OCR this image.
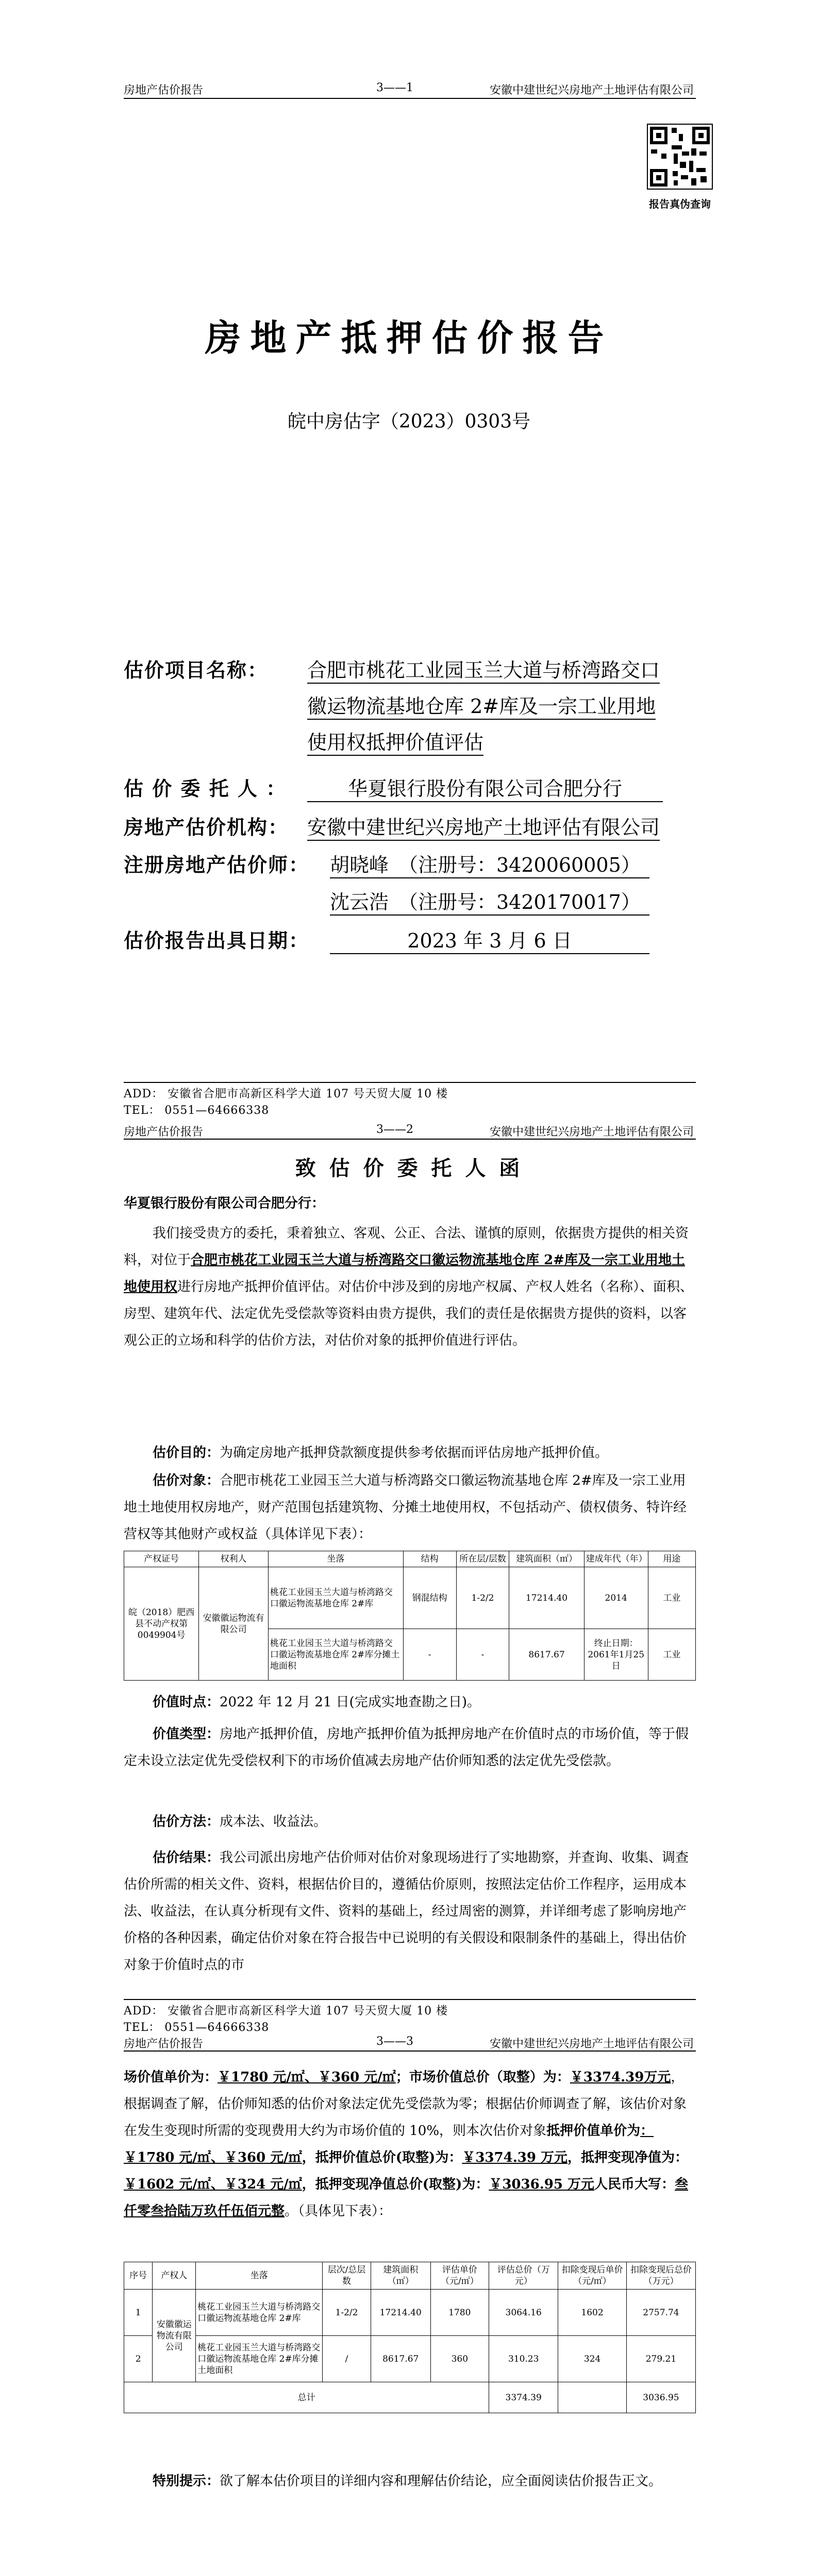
房地产估价报告	3——1	安徽中建世纪兴房地产土地评估有限公司
报告真伪查询
房地产抵押估价报告
皖中房估字（2023）0303号
估价项目名称： 合肥市桃花工业园玉兰大道与桥湾路交口
徽运物流基地仓库 2#库及一宗工业用地
使用权抵押价值评估
估 价 委 托 人 ：	华夏银行股份有限公司合肥分行
房地产估价机构： 安徽中建世纪兴房地产土地评估有限公司
注册房地产估价师： 胡晓峰　（注册号：3420060005）
沈云浩　（注册号：3420170017）
估价报告出具日期：	2023 年 3 月 6 日
ADD： 安徽省合肥市高新区科学大道 107 号天贸大厦 10 楼
TEL： 0551—64666338
房地产估价报告	3——2	安徽中建世纪兴房地产土地评估有限公司
致 估 价 委 托 人 函
华夏银行股份有限公司合肥分行：
我们接受贵方的委托，秉着独立、客观、公正、合法、谨慎的原则，依据贵方提供的相关资料，对位于合肥市桃花工业园玉兰大道与桥湾路交口徽运物流基地仓库 2#库及一宗工业用地土地使用权进行房地产抵押价值评估。对估价中涉及到的房地产权属、产权人姓名（名称）、面积、房型、建筑年代、法定优先受偿款等资料由贵方提供，我们的责任是依据贵方提供的资料，以客观公正的立场和科学的估价方法，对估价对象的抵押价值进行评估。
估价目的：为确定房地产抵押贷款额度提供参考依据而评估房地产抵押价值。
估价对象：合肥市桃花工业园玉兰大道与桥湾路交口徽运物流基地仓库 2#库及一宗工业用地土地使用权房地产，财产范围包括建筑物、分摊土地使用权，不包括动产、债权债务、特许经营权等其他财产或权益（具体详见下表）：
产权证号	权利人	坐落	结构	所在层/层数	建筑面积（㎡）	建成年代（年）	用途
皖（2018）肥西县不动产权第0049904号	安徽徽运物流有限公司	桃花工业园玉兰大道与桥湾路交口徽运物流基地仓库 2#库	钢混结构	1-2/2	17214.40	2014	工业
		桃花工业园玉兰大道与桥湾路交口徽运物流基地仓库 2#库分摊土地面积	-	-	8617.67	终止日期：2061年1月25日	工业
价值时点：2022 年 12 月 21 日(完成实地查勘之日)。
价值类型：房地产抵押价值，房地产抵押价值为抵押房地产在价值时点的市场价值，等于假定未设立法定优先受偿权利下的市场价值减去房地产估价师知悉的法定优先受偿款。
估价方法：成本法、收益法。
估价结果：我公司派出房地产估价师对估价对象现场进行了实地勘察，并查询、收集、调查估价所需的相关文件、资料，根据估价目的，遵循估价原则，按照法定估价工作程序，运用成本法、收益法，在认真分析现有文件、资料的基础上，经过周密的测算，并详细考虑了影响房地产价格的各种因素，确定估价对象在符合报告中已说明的有关假设和限制条件的基础上，得出估价对象于价值时点的市
ADD： 安徽省合肥市高新区科学大道 107 号天贸大厦 10 楼
TEL： 0551—64666338
房地产估价报告	3——3	安徽中建世纪兴房地产土地评估有限公司
场价值单价为：￥1780 元/㎡、￥360 元/㎡；市场价值总价（取整）为：￥3374.39万元，根据调查了解，估价师知悉的估价对象法定优先受偿款为零；根据估价师调查了解，该估价对象在发生变现时所需的变现费用大约为市场价值的 10%，则本次估价对象抵押价值单价为：￥1780 元/㎡、￥360 元/㎡，抵押价值总价(取整)为：￥3374.39 万元，抵押变现净值为：￥1602 元/㎡、￥324 元/㎡，抵押变现净值总价(取整)为：￥3036.95 万元人民币大写：叁仟零叁拾陆万玖仟伍佰元整。（具体见下表）：
序号	产权人	坐落	层次/总层数	建筑面积（㎡）	评估单价（元/㎡）	评估总价（万元）	扣除变现后单价（元/㎡）	扣除变现后总价（万元）
1	安徽徽运物流有限公司	桃花工业园玉兰大道与桥湾路交口徽运物流基地仓库 2#库	1-2/2	17214.40	1780	3064.16	1602	2757.74
2		桃花工业园玉兰大道与桥湾路交口徽运物流基地仓库 2#库分摊土地面积	/	8617.67	360	310.23	324	279.21
总计						3374.39		3036.95
特别提示：欲了解本估价项目的详细内容和理解估价结论，应全面阅读估价报告正文。
